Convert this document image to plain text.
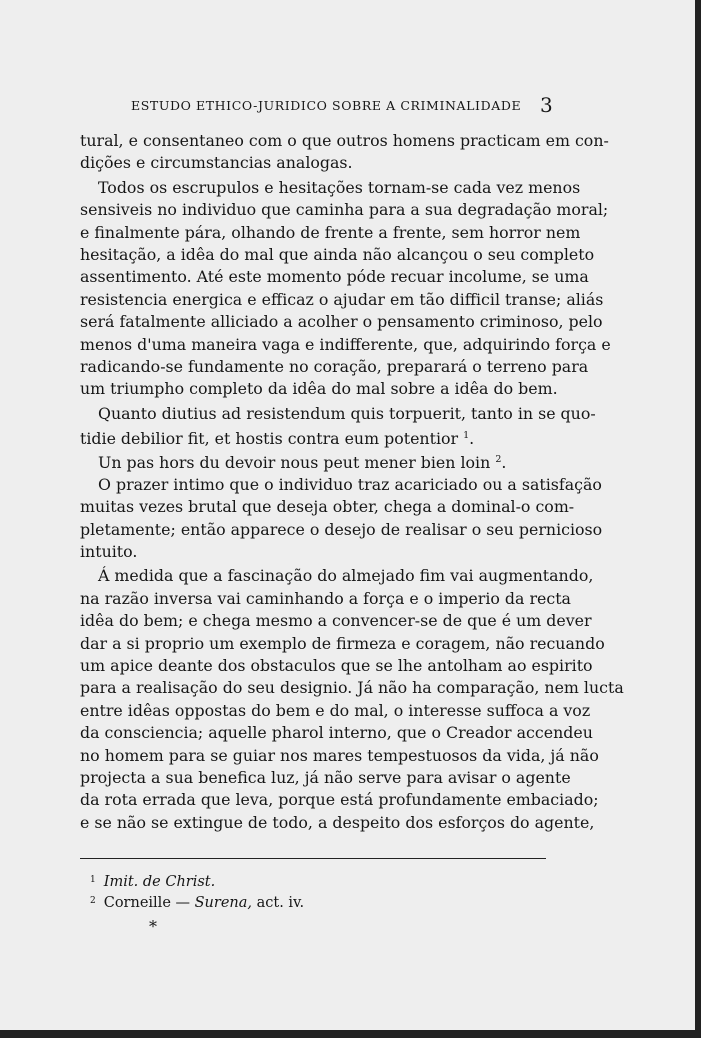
ESTUDO ETHICO-JURIDICO SOBRE A CRIMINALIDADE 3
tural, e consentaneo com o que outros homens practicam em con-
dições e circumstancias analogas.
Todos os escrupulos e hesitações tornam-se cada vez menos
sensiveis no individuo que caminha para a sua degradação moral;
e finalmente pára, olhando de frente a frente, sem horror nem
hesitação, a idêa do mal que ainda não alcançou o seu completo
assentimento. Até este momento póde recuar incolume, se uma
resistencia energica e efficaz o ajudar em tão difficil transe; aliás
será fatalmente alliciado a acolher o pensamento criminoso, pelo
menos d'uma maneira vaga e indifferente, que, adquirindo força e
radicando-se fundamente no coração, preparará o terreno para
um triumpho completo da idêa do mal sobre a idêa do bem.
Quanto diutius ad resistendum quis torpuerit, tanto in se quo-
tidie debilior fit, et hostis contra eum potentior $^1$.
Un pas hors du devoir nous peut mener bien loin $^2$.
O prazer intimo que o individuo traz acariciado ou a satisfação
muitas vezes brutal que deseja obter, chega a dominal-o com-
pletamente; então apparece o desejo de realisar o seu pernicioso
intuito.
Á medida que a fascinação do almejado fim vai augmentando,
na razão inversa vai caminhando a força e o imperio da recta
idêa do bem; e chega mesmo a convencer-se de que é um dever
dar a si proprio um exemplo de firmeza e coragem, não recuando
um apice deante dos obstaculos que se lhe antolham ao espirito
para a realisação do seu designio. Já não ha comparação, nem lucta
entre idêas oppostas do bem e do mal, o interesse suffoca a voz
da consciencia; aquelle pharol interno, que o Creador accendeu
no homem para se guiar nos mares tempestuosos da vida, já não
projecta a sua benefica luz, já não serve para avisar o agente
da rota errada que leva, porque está profundamente embaciado;
e se não se extingue de todo, a despeito dos esforços do agente,
$^1$ Imit. de Christ.
$^2$ Corneille — Surena, act. iv.
*
